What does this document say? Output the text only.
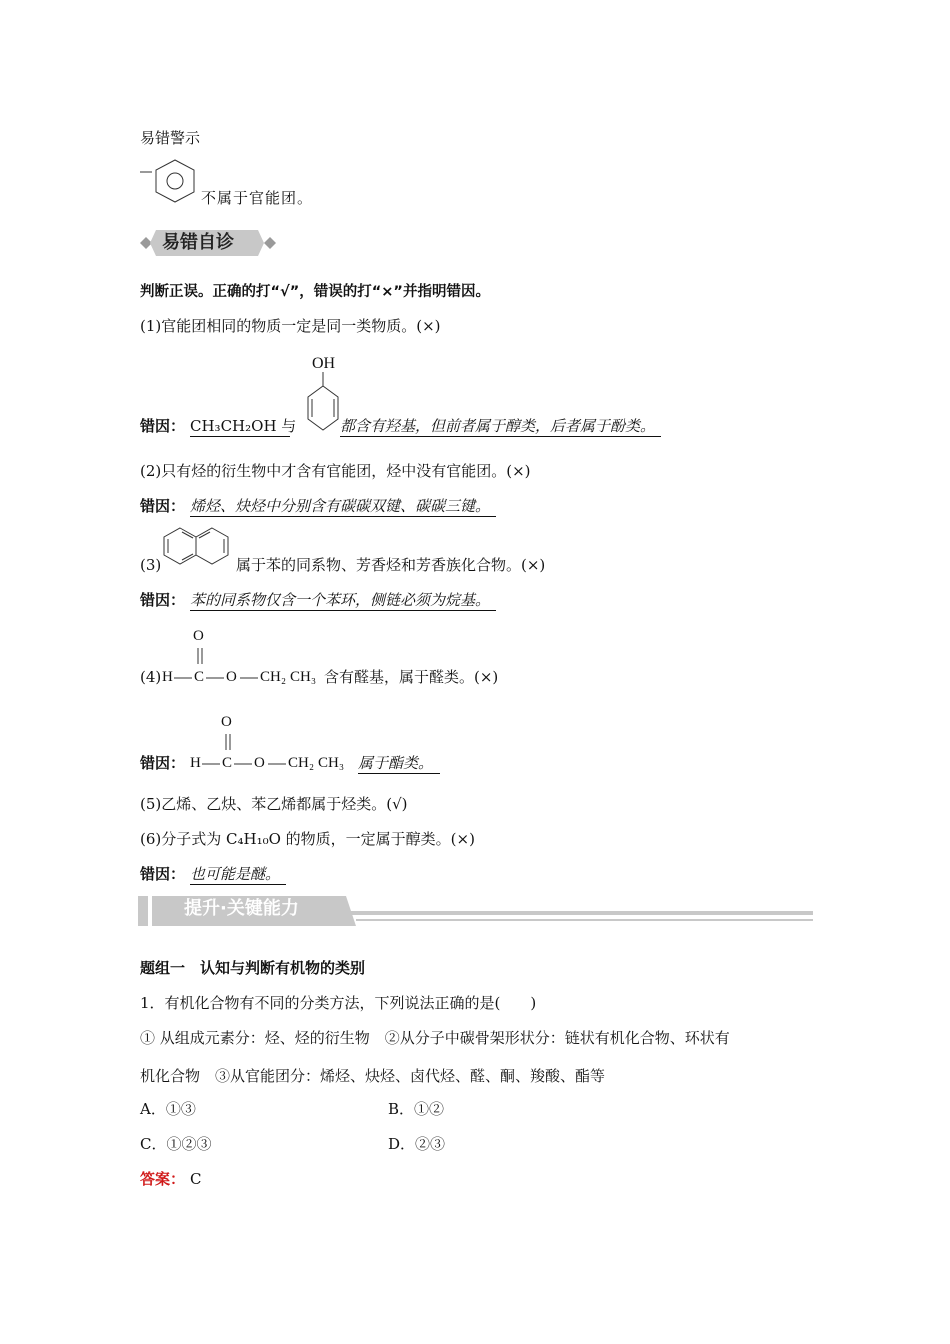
易错警示
不属于官能团。
易错自诊
判断正误。正确的打“√”，错误的打“×”并指明错因。
(1)官能团相同的物质一定是同一类物质。(×)
OH
错因： CH₃CH₂OH 与	都含有羟基，但前者属于醇类，后者属于酚类。
(2)只有烃的衍生物中才含有官能团，烃中没有官能团。(×)
错因： 烯烃、炔烃中分别含有碳碳双键、碳碳三键。
(3)	属于苯的同系物、芳香烃和芳香族化合物。(×)
错因： 苯的同系物仅含一个苯环，侧链必须为烷基。
O
(4) H C O CH₂ CH₃ 含有醛基，属于醛类。(×)
O
错因： H C O CH₂ CH₃ 属于酯类。
(5)乙烯、乙炔、苯乙烯都属于烃类。(√)
(6)分子式为 C₄H₁₀O 的物质，一定属于醇类。(×)
错因： 也可能是醚。
提升·关键能力
题组一　认知与判断有机物的类别
1．有机化合物有不同的分类方法，下列说法正确的是(　　)
① 从组成元素分：烃、烃的衍生物　②从分子中碳骨架形状分：链状有机化合物、环状有
机化合物　③从官能团分：烯烃、炔烃、卤代烃、醛、酮、羧酸、酯等
A．①③	B．①②
C．①②③	D．②③
答案： C
